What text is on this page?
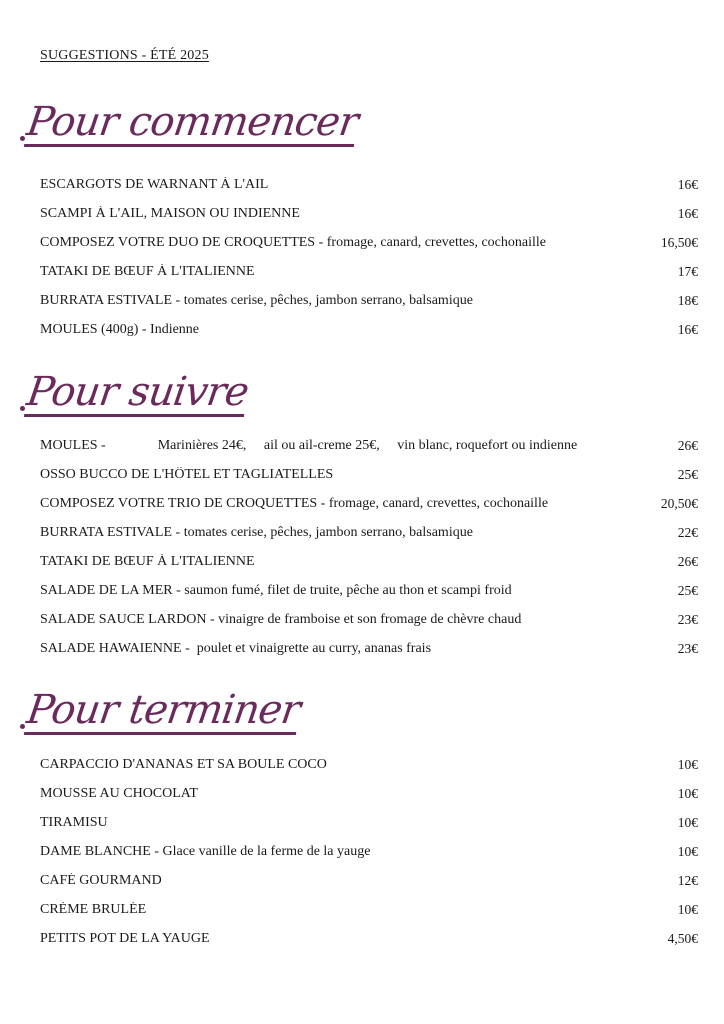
SUGGESTIONS - ÉTÉ 2025
Pour commencer
ESCARGOTS DE WARNANT À L'AIL	16€
SCAMPI À L'AIL, MAISON OU INDIENNE	16€
COMPOSEZ VOTRE DUO DE CROQUETTES - fromage, canard, crevettes, cochonaille	16,50€
TATAKI DE BŒUF À L'ITALIENNE	17€
BURRATA ESTIVALE - tomates cerise, pêches, jambon serrano, balsamique	18€
MOULES (400g) - Indienne	16€
Pour suivre
MOULES -	Marinières 24€,     ail ou ail-creme 25€,     vin blanc, roquefort ou indienne	26€
OSSO BUCCO DE L'HÔTEL ET TAGLIATELLES	25€
COMPOSEZ VOTRE TRIO DE CROQUETTES - fromage, canard, crevettes, cochonaille	20,50€
BURRATA ESTIVALE - tomates cerise, pêches, jambon serrano, balsamique	22€
TATAKI DE BŒUF À L'ITALIENNE	26€
SALADE DE LA MER - saumon fumé, filet de truite, pêche au thon et scampi froid	25€
SALADE SAUCE LARDON - vinaigre de framboise et son fromage de chèvre chaud	23€
SALADE HAWAIENNE -  poulet et vinaigrette au curry, ananas frais	23€
Pour terminer
CARPACCIO D'ANANAS ET SA BOULE COCO	10€
MOUSSE AU CHOCOLAT	10€
TIRAMISU	10€
DAME BLANCHE - Glace vanille de la ferme de la yauge	10€
CAFÉ GOURMAND	12€
CRÈME BRULÉE	10€
PETITS POT DE LA YAUGE	4,50€
